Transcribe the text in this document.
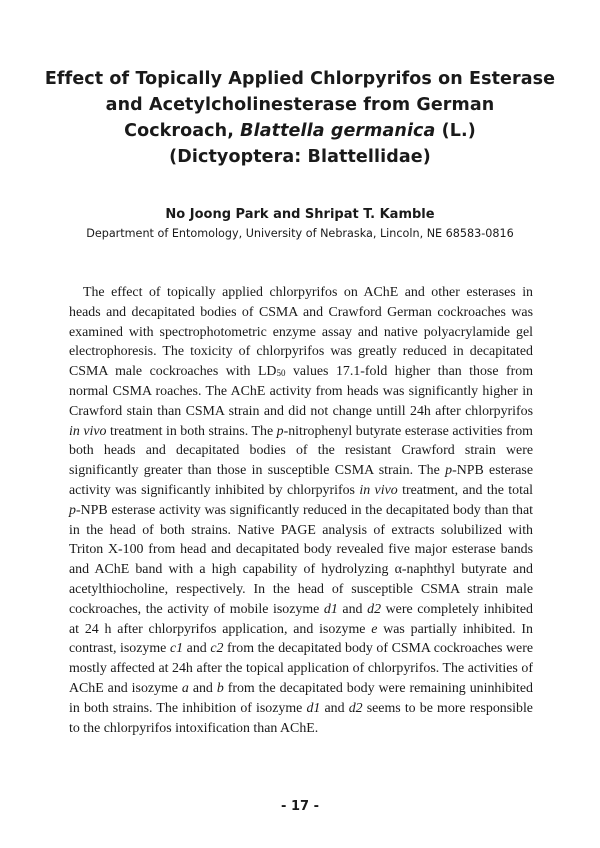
Effect of Topically Applied Chlorpyrifos on Esterase
and Acetylcholinesterase from German
Cockroach, Blattella germanica (L.)
(Dictyoptera: Blattellidae)
No Joong Park and Shripat T. Kamble
Department of Entomology, University of Nebraska, Lincoln, NE 68583-0816

The effect of topically applied chlorpyrifos on AChE and other esterases in heads and decapitated bodies of CSMA and Crawford German cockroaches was examined with spectrophotometric enzyme assay and native polyacrylamide gel electrophoresis. The toxicity of chlorpyrifos was greatly reduced in decapitated CSMA male cockroaches with $LD_{50}$ values 17.1-fold higher than those from normal CSMA roaches. The AChE activity from heads was significantly higher in Crawford stain than CSMA strain and did not change untill 24h after chlorpyrifos in vivo treatment in both strains. The p-nitrophenyl butyrate esterase activities from both heads and decapitated bodies of the resistant Crawford strain were significantly greater than those in susceptible CSMA strain. The p-NPB esterase activity was significantly inhibited by chlorpyrifos in vivo treatment, and the total p-NPB esterase activity was significantly reduced in the decapitated body than that in the head of both strains. Native PAGE analysis of extracts solubilized with Triton X-100 from head and decapitated body revealed five major esterase bands and AChE band with a high capability of hydrolyzing α-naphthyl butyrate and acetylthiocholine, respectively. In the head of susceptible CSMA strain male cockroaches, the activity of mobile isozyme d1 and d2 were completely inhibited at 24 h after chlorpyrifos application, and isozyme e was partially inhibited. In contrast, isozyme c1 and c2 from the decapitated body of CSMA cockroaches were mostly affected at 24h after the topical application of chlorpyrifos. The activities of AChE and isozyme a and b from the decapitated body were remaining uninhibited in both strains. The inhibition of isozyme d1 and d2 seems to be more responsible to the chlorpyrifos intoxification than AChE.

- 17 -
